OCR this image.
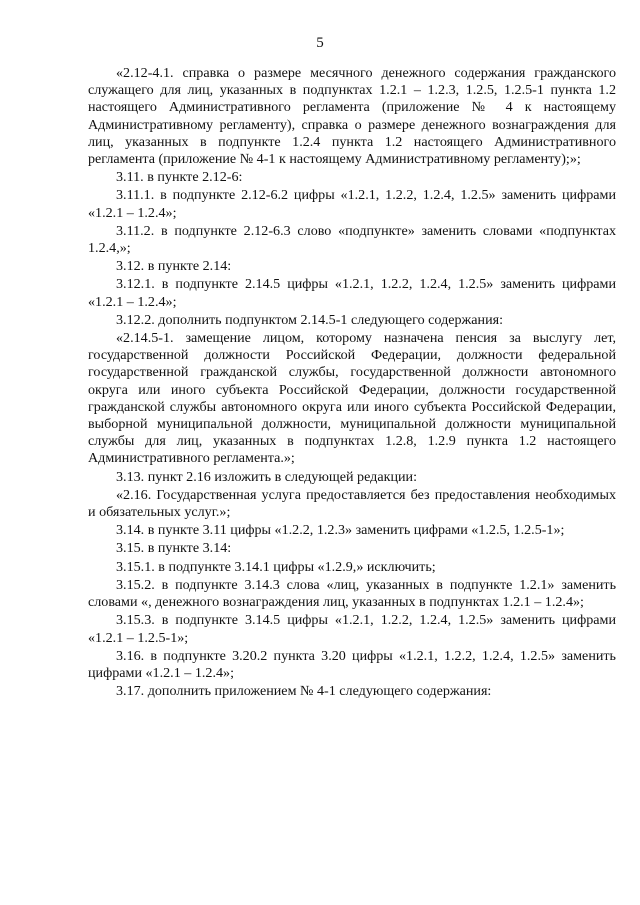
5

«2.12-4.1. справка о размере месячного денежного содержания гражданского служащего для лиц, указанных в подпунктах 1.2.1 – 1.2.3, 1.2.5, 1.2.5-1 пункта 1.2 настоящего Административного регламента (приложение № 4 к настоящему Административному регламенту), справка о размере денежного вознаграждения для лиц, указанных в подпункте 1.2.4 пункта 1.2 настоящего Административного регламента (приложение № 4-1 к настоящему Административному регламенту);»;

3.11. в пункте 2.12-6:

3.11.1. в подпункте 2.12-6.2 цифры «1.2.1, 1.2.2, 1.2.4, 1.2.5» заменить цифрами «1.2.1 – 1.2.4»;

3.11.2. в подпункте 2.12-6.3 слово «подпункте» заменить словами «подпунктах 1.2.4,»;

3.12. в пункте 2.14:

3.12.1. в подпункте 2.14.5 цифры «1.2.1, 1.2.2, 1.2.4, 1.2.5» заменить цифрами «1.2.1 – 1.2.4»;

3.12.2. дополнить подпунктом 2.14.5-1 следующего содержания:

«2.14.5-1. замещение лицом, которому назначена пенсия за выслугу лет, государственной должности Российской Федерации, должности федеральной государственной гражданской службы, государственной должности автономного округа или иного субъекта Российской Федерации, должности государственной гражданской службы автономного округа или иного субъекта Российской Федерации, выборной муниципальной должности, муниципальной должности муниципальной службы для лиц, указанных в подпунктах 1.2.8, 1.2.9 пункта 1.2 настоящего Административного регламента.»;

3.13. пункт 2.16 изложить в следующей редакции:

«2.16. Государственная услуга предоставляется без предоставления необходимых и обязательных услуг.»;

3.14. в пункте 3.11 цифры «1.2.2, 1.2.3» заменить цифрами «1.2.5, 1.2.5-1»;

3.15. в пункте 3.14:

3.15.1. в подпункте 3.14.1 цифры «1.2.9,» исключить;

3.15.2. в подпункте 3.14.3 слова «лиц, указанных в подпункте 1.2.1» заменить словами «, денежного вознаграждения лиц, указанных в подпунктах 1.2.1 – 1.2.4»;

3.15.3. в подпункте 3.14.5 цифры «1.2.1, 1.2.2, 1.2.4, 1.2.5» заменить цифрами «1.2.1 – 1.2.5-1»;

3.16. в подпункте 3.20.2 пункта 3.20 цифры «1.2.1, 1.2.2, 1.2.4, 1.2.5» заменить цифрами «1.2.1 – 1.2.4»;

3.17. дополнить приложением № 4-1 следующего содержания:
